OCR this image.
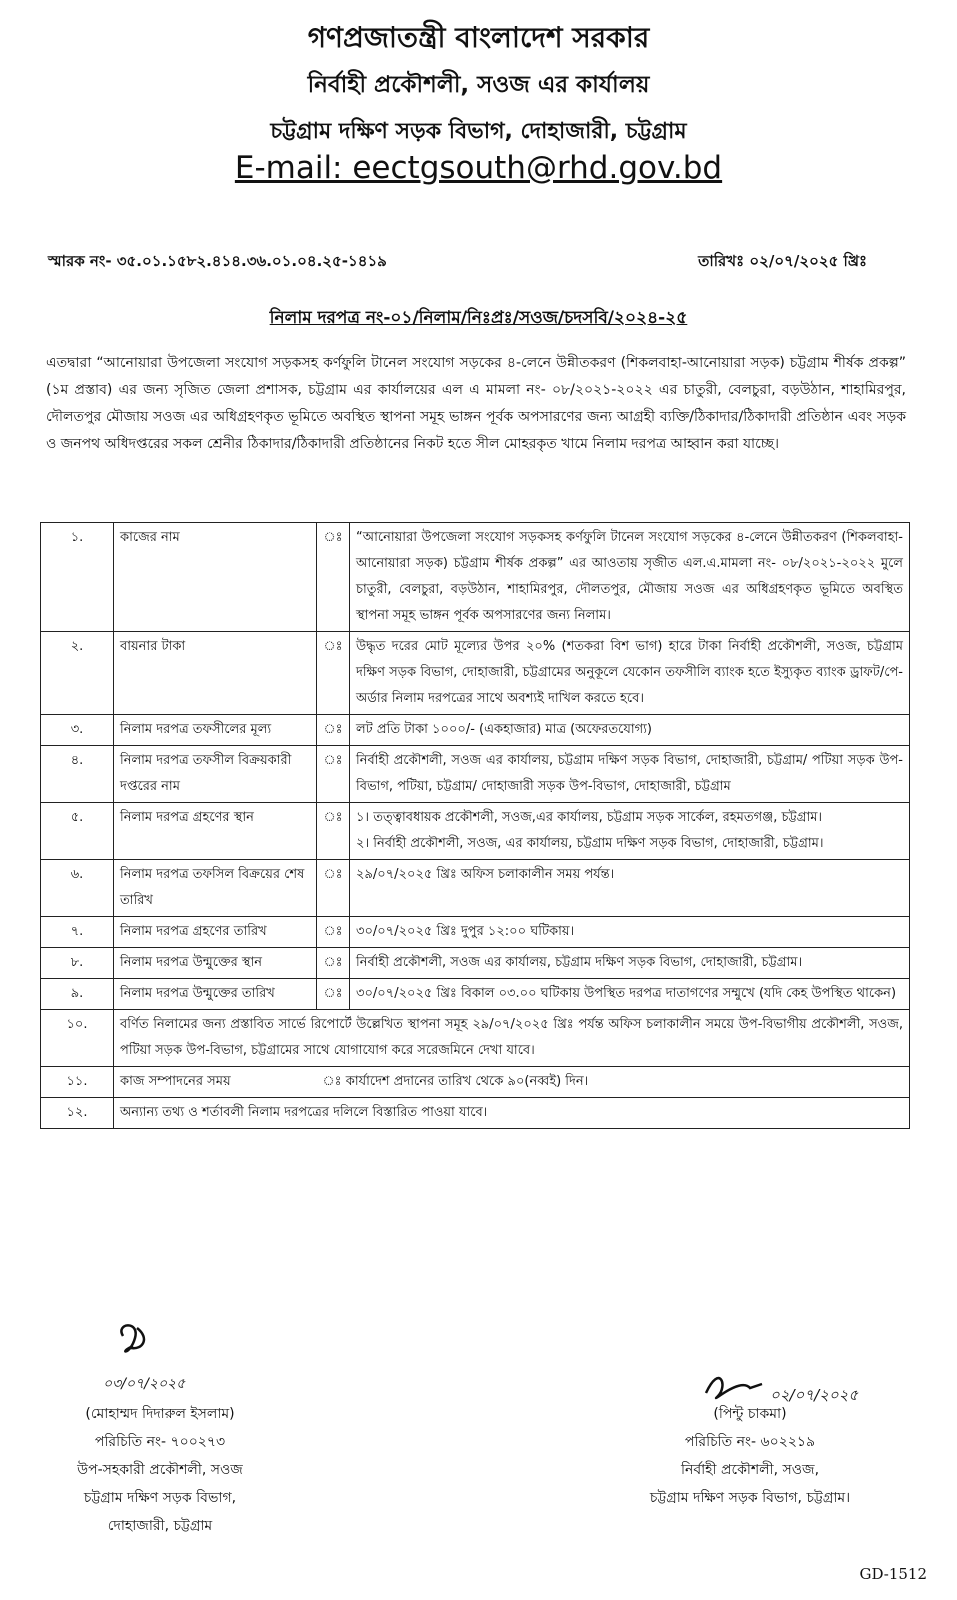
গণপ্রজাতন্ত্রী বাংলাদেশ সরকার
নির্বাহী প্রকৌশলী, সওজ এর কার্যালয়
চট্টগ্রাম দক্ষিণ সড়ক বিভাগ, দোহাজারী, চট্টগ্রাম
E-mail: eectgsouth@rhd.gov.bd
স্মারক নং- ৩৫.০১.১৫৮২.৪১৪.৩৬.০১.০৪.২৫-১৪১৯	তারিখঃ ০২/০৭/২০২৫ খ্রিঃ
নিলাম দরপত্র নং-০১/নিলাম/নিঃপ্রঃ/সওজ/চদসবি/২০২৪-২৫
এতদ্বারা “আনোয়ারা উপজেলা সংযোগ সড়কসহ কর্ণফুলি টানেল সংযোগ সড়কের ৪-লেনে উন্নীতকরণ (শিকলবাহা-আনোয়ারা সড়ক) চট্টগ্রাম শীর্ষক প্রকল্প” (১ম প্রস্তাব) এর জন্য সৃজিত জেলা প্রশাসক, চট্টগ্রাম এর কার্যালয়ের এল এ মামলা নং- ০৮/২০২১-২০২২ এর চাতুরী, বেলচুরা, বড়উঠান, শাহামিরপুর, দৌলতপুর মৌজায় সওজ এর অধিগ্রহণকৃত ভূমিতে অবস্থিত স্থাপনা সমূহ ভাঙ্গন পূর্বক অপসারণের জন্য আগ্রহী ব্যক্তি/ঠিকাদার/ঠিকাদারী প্রতিষ্ঠান এবং সড়ক ও জনপথ অধিদপ্তরের সকল শ্রেনীর ঠিকাদার/ঠিকাদারী প্রতিষ্ঠানের নিকট হতে সীল মোহরকৃত খামে নিলাম দরপত্র আহ্বান করা যাচ্ছে।
১.	কাজের নাম	ঃ	“আনোয়ারা উপজেলা সংযোগ সড়কসহ কর্ণফুলি টানেল সংযোগ সড়কের ৪-লেনে উন্নীতকরণ (শিকলবাহা-আনোয়ারা সড়ক) চট্টগ্রাম শীর্ষক প্রকল্প” এর আওতায় সৃজীত এল.এ.মামলা নং- ০৮/২০২১-২০২২ মুলে চাতুরী, বেলচুরা, বড়উঠান, শাহামিরপুর, দৌলতপুর, মৌজায় সওজ এর অধিগ্রহণকৃত ভূমিতে অবস্থিত স্থাপনা সমূহ ভাঙ্গন পূর্বক অপসারণের জন্য নিলাম।
২.	বায়নার টাকা	ঃ	উদ্ধৃত দরের মোট মূল্যের উপর ২০% (শতকরা বিশ ভাগ) হারে টাকা নির্বাহী প্রকৌশলী, সওজ, চট্টগ্রাম দক্ষিণ সড়ক বিভাগ, দোহাজারী, চট্টগ্রামের অনুকূলে যেকোন তফসীলি ব্যাংক হতে ইস্যুকৃত ব্যাংক ড্রাফট/পে-অর্ডার নিলাম দরপত্রের সাথে অবশ্যই দাখিল করতে হবে।
৩.	নিলাম দরপত্র তফসীলের মূল্য	ঃ	লট প্রতি টাকা ১০০০/- (একহাজার) মাত্র (অফেরতযোগ্য)
৪.	নিলাম দরপত্র তফসীল বিক্রয়কারী দপ্তরের নাম	ঃ	নির্বাহী প্রকৌশলী, সওজ এর কার্যালয়, চট্টগ্রাম দক্ষিণ সড়ক বিভাগ, দোহাজারী, চট্টগ্রাম/ পটিয়া সড়ক উপ-বিভাগ, পটিয়া, চট্টগ্রাম/ দোহাজারী সড়ক উপ-বিভাগ, দোহাজারী, চট্টগ্রাম
৫.	নিলাম দরপত্র গ্রহণের স্থান	ঃ	১। তত্ত্বাবধায়ক প্রকৌশলী, সওজ,এর কার্যালয়, চট্টগ্রাম সড়ক সার্কেল, রহমতগঞ্জ, চট্টগ্রাম।
২। নির্বাহী প্রকৌশলী, সওজ, এর কার্যালয়, চট্টগ্রাম দক্ষিণ সড়ক বিভাগ, দোহাজারী, চট্টগ্রাম।

৬.	নিলাম দরপত্র তফসিল বিক্রয়ের শেষ তারিখ	ঃ	২৯/০৭/২০২৫ খ্রিঃ অফিস চলাকালীন সময় পর্যন্ত।
৭.	নিলাম দরপত্র গ্রহণের তারিখ	ঃ	৩০/০৭/২০২৫ খ্রিঃ দুপুর ১২:০০ ঘটিকায়।
৮.	নিলাম দরপত্র উন্মুক্তের স্থান	ঃ	নির্বাহী প্রকৌশলী, সওজ এর কার্যালয়, চট্টগ্রাম দক্ষিণ সড়ক বিভাগ, দোহাজারী, চট্টগ্রাম।
৯.	নিলাম দরপত্র উন্মুক্তের তারিখ	ঃ	৩০/০৭/২০২৫ খ্রিঃ বিকাল ০৩.০০ ঘটিকায় উপস্থিত দরপত্র দাতাগণের সম্মুখে (যদি কেহ উপস্থিত থাকেন)
১০.	বর্ণিত নিলামের জন্য প্রস্তাবিত সার্ভে রিপোর্টে উল্লেখিত স্থাপনা সমূহ ২৯/০৭/২০২৫ খ্রিঃ পর্যন্ত অফিস চলাকালীন সময়ে উপ-বিভাগীয় প্রকৌশলী, সওজ, পটিয়া সড়ক উপ-বিভাগ, চট্টগ্রামের সাথে যোগাযোগ করে সরেজমিনে দেখা যাবে।		
১১.	কাজ সম্পাদনের সময়	ঃ কার্যাদেশ প্রদানের তারিখ থেকে ৯০(নব্বই) দিন।	
১২.	অন্যান্য তথ্য ও শর্তাবলী নিলাম দরপত্রের দলিলে বিস্তারিত পাওয়া যাবে।		
০৩/০৭/২০২৫
০২/০৭/২০২৫
(মোহাম্মদ দিদারুল ইসলাম)
পরিচিতি নং- ৭০০২৭৩
উপ-সহকারী প্রকৌশলী, সওজ
চট্টগ্রাম দক্ষিণ সড়ক বিভাগ,
দোহাজারী, চট্টগ্রাম
(পিন্টু চাকমা)
পরিচিতি নং- ৬০২২১৯
নির্বাহী প্রকৌশলী, সওজ,
চট্টগ্রাম দক্ষিণ সড়ক বিভাগ, চট্টগ্রাম।
GD-1512
